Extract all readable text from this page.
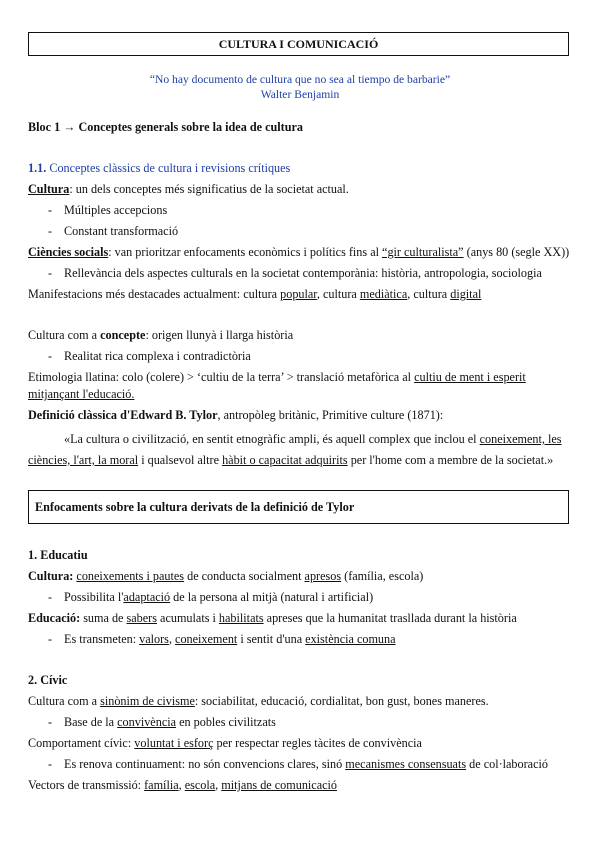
CULTURA I COMUNICACIÓ
“No hay documento de cultura que no sea al tiempo de barbarie”
Walter Benjamin
Bloc 1 → Conceptes generals sobre la idea de cultura
1.1. Conceptes clàssics de cultura i revisions crítiques
Cultura: un dels conceptes més significatius de la societat actual.
- Múltiples accepcions
- Constant transformació
Ciències socials: van prioritzar enfocaments econòmics i polítics fins al “gir culturalista” (anys 80 (segle XX))
- Rellevància dels aspectes culturals en la societat contemporània: història, antropologia, sociologia
Manifestacions més destacades actualment: cultura popular, cultura mediàtica, cultura digital
Cultura com a concepte: origen llunyà i llarga història
- Realitat rica complexa i contradictòria
Etimologia llatina: colo (colere) > ‘cultiu de la terra’ > translació metafòrica al cultiu de ment i esperit
mitjançant l'educació.
Definició clàssica d'Edward B. Tylor, antropòleg britànic, Primitive culture (1871):
«La cultura o civilització, en sentit etnogràfic ampli, és aquell complex que inclou el coneixement, les
ciències, l'art, la moral i qualsevol altre hàbit o capacitat adquirits per l'home com a membre de la societat.»
Enfocaments sobre la cultura derivats de la definició de Tylor
1. Educatiu
Cultura: coneixements i pautes de conducta socialment apresos (família, escola)
- Possibilita l'adaptació de la persona al mitjà (natural i artificial)
Educació: suma de sabers acumulats i habilitats apreses que la humanitat trasllada durant la història
- Es transmeten: valors, coneixement i sentit d'una existència comuna
2. Cívic
Cultura com a sinònim de civisme: sociabilitat, educació, cordialitat, bon gust, bones maneres.
- Base de la convivència en pobles civilitzats
Comportament cívic: voluntat i esforç per respectar regles tàcites de convivència
- Es renova continuament: no són convencions clares, sinó mecanismes consensuats de col·laboració
Vectors de transmissió: família, escola, mitjans de comunicació
